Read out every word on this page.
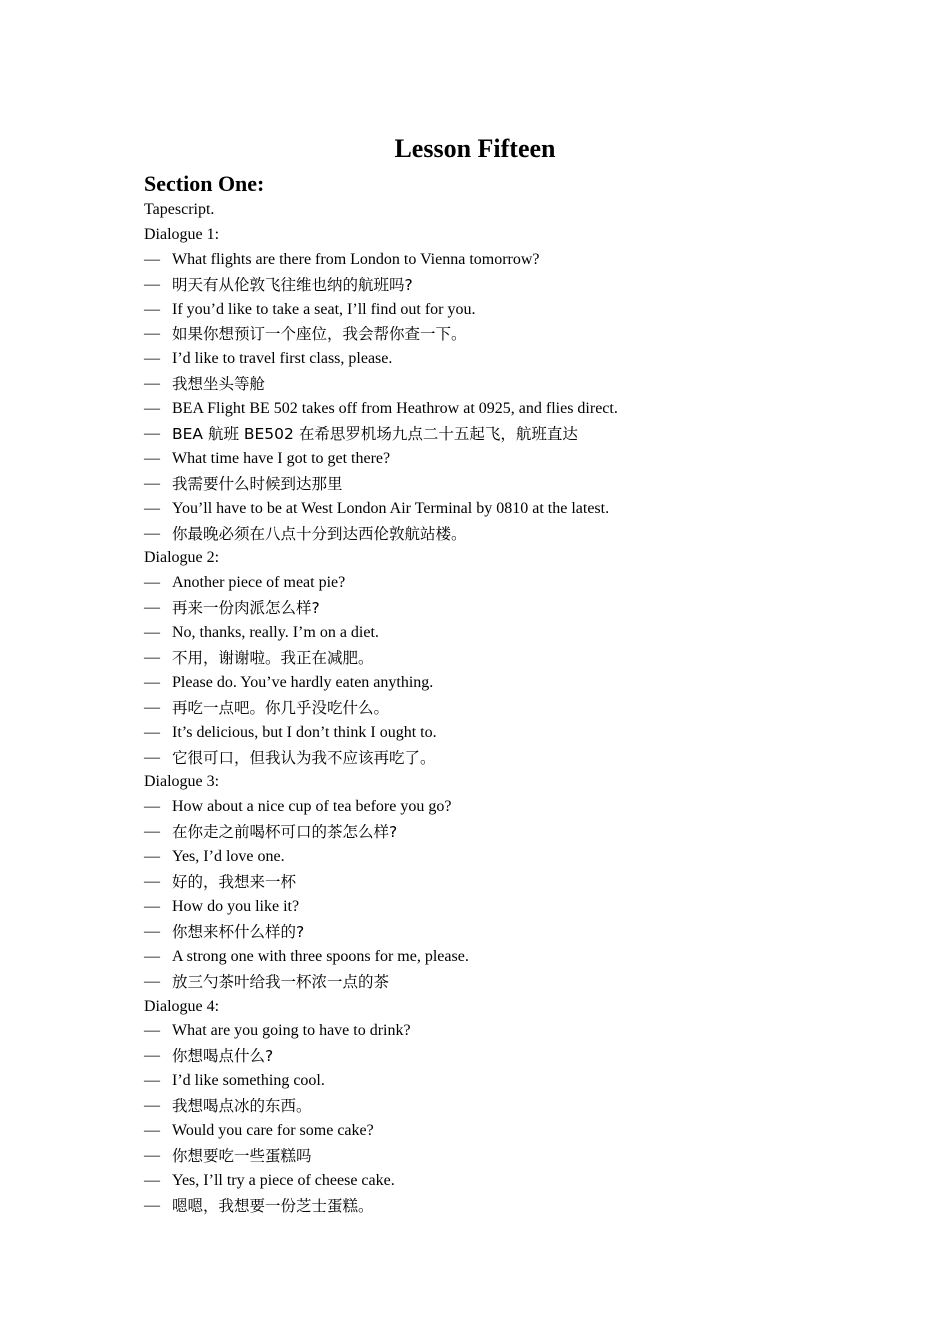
Lesson Fifteen
Section One:
Tapescript.
Dialogue 1:
— What flights are there from London to Vienna tomorrow?
— 明天有从伦敦飞往维也纳的航班吗?
— If you’d like to take a seat, I’ll find out for you.
— 如果你想预订一个座位，我会帮你查一下。
— I’d like to travel first class, please.
— 我想坐头等舱
— BEA Flight BE 502 takes off from Heathrow at 0925, and flies direct.
— BEA 航班 BE502 在希思罗机场九点二十五起飞，航班直达
— What time have I got to get there?
— 我需要什么时候到达那里
— You’ll have to be at West London Air Terminal by 0810 at the latest.
— 你最晚必须在八点十分到达西伦敦航站楼。
Dialogue 2:
— Another piece of meat pie?
— 再来一份肉派怎么样?
— No, thanks, really. I’m on a diet.
— 不用，谢谢啦。我正在减肥。
— Please do. You’ve hardly eaten anything.
— 再吃一点吧。你几乎没吃什么。
— It’s delicious, but I don’t think I ought to.
— 它很可口，但我认为我不应该再吃了。
Dialogue 3:
— How about a nice cup of tea before you go?
— 在你走之前喝杯可口的茶怎么样?
— Yes, I’d love one.
— 好的，我想来一杯
— How do you like it?
— 你想来杯什么样的?
— A strong one with three spoons for me, please.
— 放三勺茶叶给我一杯浓一点的茶
Dialogue 4:
— What are you going to have to drink?
— 你想喝点什么?
— I’d like something cool.
— 我想喝点冰的东西。
— Would you care for some cake?
— 你想要吃一些蛋糕吗
— Yes, I’ll try a piece of cheese cake.
— 嗯嗯，我想要一份芝士蛋糕。
